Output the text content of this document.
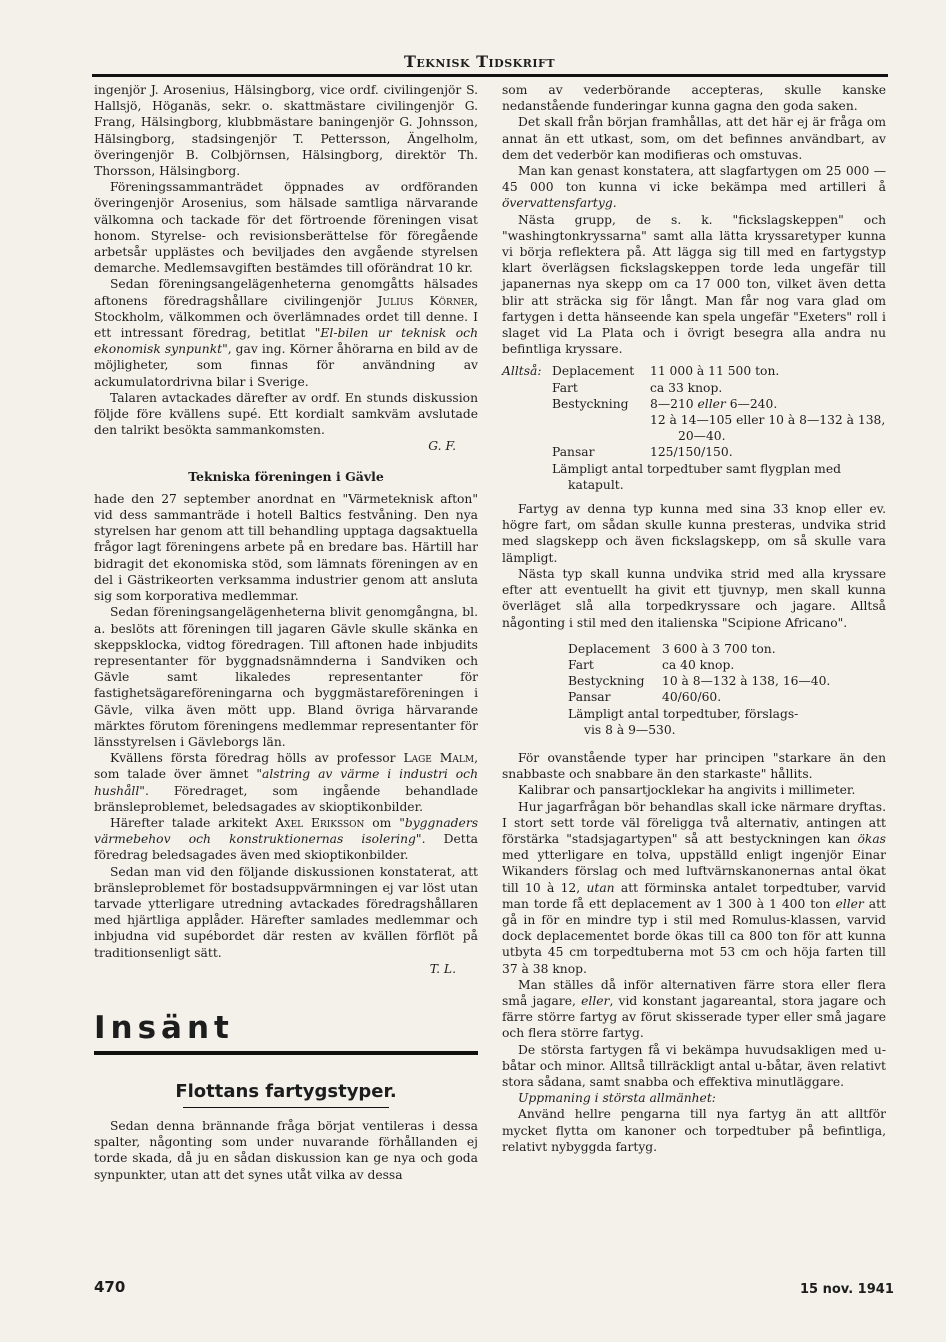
Teknisk Tidskrift

ingenjör J. Arosenius, Hälsingborg, vice ordf. civilingenjör S. Hallsjö, Höganäs, sekr. o. skattmästare civilingenjör G. Frang, Hälsingborg, klubbmästare baningenjör G. Johnsson, Hälsingborg, stadsingenjör T. Pettersson, Ängelholm, överingenjör B. Colbjörnsen, Hälsingborg, direktör Th. Thorsson, Hälsingborg.

Föreningssammanträdet öppnades av ordföranden överingenjör Arosenius, som hälsade samtliga närvarande välkomna och tackade för det förtroende föreningen visat honom. Styrelse- och revisionsberättelse för föregående arbetsår upplästes och beviljades den avgående styrelsen demarche. Medlemsavgiften bestämdes till oförändrat 10 kr.

Sedan föreningsangelägenheterna genomgåtts hälsades aftonens föredragshållare civilingenjör Julius Körner, Stockholm, välkommen och överlämnades ordet till denne. I ett intressant föredrag, betitlat "El-bilen ur teknisk och ekonomisk synpunkt", gav ing. Körner åhörarna en bild av de möjligheter, som finnas för användning av ackumulatordrivna bilar i Sverige.

Talaren avtackades därefter av ordf. En stunds diskussion följde före kvällens supé. Ett kordialt samkväm avslutade den talrikt besökta sammankomsten.

G. F.
Tekniska föreningen i Gävle

hade den 27 september anordnat en "Värmeteknisk afton" vid dess sammanträde i hotell Baltics festvåning. Den nya styrelsen har genom att till behandling upptaga dagsaktuella frågor lagt föreningens arbete på en bredare bas. Härtill har bidragit det ekonomiska stöd, som lämnats föreningen av en del i Gästrikeorten verksamma industrier genom att ansluta sig som korporativa medlemmar.

Sedan föreningsangelägenheterna blivit genomgångna, bl. a. beslöts att föreningen till jagaren Gävle skulle skänka en skeppsklocka, vidtog föredragen. Till aftonen hade inbjudits representanter för byggnadsnämnderna i Sandviken och Gävle samt likaledes representanter för fastighetsägareföreningarna och byggmästareföreningen i Gävle, vilka även mött upp. Bland övriga härvarande märktes förutom föreningens medlemmar representanter för länsstyrelsen i Gävleborgs län.

Kvällens första föredrag hölls av professor Lage Malm, som talade över ämnet "alstring av värme i industri och hushåll". Föredraget, som ingående behandlade bränsleproblemet, beledsagades av skioptikonbilder.

Härefter talade arkitekt Axel Eriksson om "byggnaders värmebehov och konstruktionernas isolering". Detta föredrag beledsagades även med skioptikonbilder.

Sedan man vid den följande diskussionen konstaterat, att bränsleproblemet för bostadsuppvärmningen ej var löst utan tarvade ytterligare utredning avtackades föredragshållaren med hjärtliga applåder. Härefter samlades medlemmar och inbjudna vid supébordet där resten av kvällen förflöt på traditionsenligt sätt.

T. L.
Insänt
Flottans fartygstyper.

Sedan denna brännande fråga börjat ventileras i dessa spalter, någonting som under nuvarande förhållanden ej torde skada, då ju en sådan diskussion kan ge nya och goda synpunkter, utan att det synes utåt vilka av dessa

som av vederbörande accepteras, skulle kanske nedanstående funderingar kunna gagna den goda saken.

Det skall från början framhållas, att det här ej är fråga om annat än ett utkast, som, om det befinnes användbart, av dem det vederbör kan modifieras och omstuvas.

Man kan genast konstatera, att slagfartygen om 25 000 —45 000 ton kunna vi icke bekämpa med artilleri å övervattensfartyg.

Nästa grupp, de s. k. "fickslagskeppen" och "washingtonkryssarna" samt alla lätta kryssaretyper kunna vi börja reflektera på. Att lägga sig till med en fartygstyp klart överlägsen fickslagskeppen torde leda ungefär till japanernas nya skepp om ca 17 000 ton, vilket även detta blir att sträcka sig för långt. Man får nog vara glad om fartygen i detta hänseende kan spela ungefär "Exeters" roll i slaget vid La Plata och i övrigt besegra alla andra nu befintliga kryssare.

Alltså: Deplacement	11 000 à 11 500 ton.
Fart	ca 33 knop.
Bestyckning	8—210 eller 6—240.
12 à 14—105 eller 10 à 8—132 à 138,
20—40.
Pansar	125/150/150.
Lämpligt antal torpedtuber samt flygplan med
katapult.

Fartyg av denna typ kunna med sina 33 knop eller ev. högre fart, om sådan skulle kunna presteras, undvika strid med slagskepp och även fickslagskepp, om så skulle vara lämpligt.

Nästa typ skall kunna undvika strid med alla kryssare efter att eventuellt ha givit ett tjuvnyp, men skall kunna överläget slå alla torpedkryssare och jagare. Alltså någonting i stil med den italienska "Scipione Africano".

Deplacement 3 600 à 3 700 ton.
Fart	ca 40 knop.
Bestyckning	10 à 8—132 à 138, 16—40.
Pansar	40/60/60.
Lämpligt antal torpedtuber, förslags-
vis 8 à 9—530.

För ovanstående typer har principen "starkare än den snabbaste och snabbare än den starkaste" hållits.

Kalibrar och pansartjocklekar ha angivits i millimeter.

Hur jagarfrågan bör behandlas skall icke närmare dryftas. I stort sett torde väl föreligga två alternativ, antingen att förstärka "stadsjagartypen" så att bestyckningen kan ökas med ytterligare en tolva, uppställd enligt ingenjör Einar Wikanders förslag och med luftvärnskanonernas antal ökat till 10 à 12, utan att förminska antalet torpedtuber, varvid man torde få ett deplacement av 1 300 à 1 400 ton eller att gå in för en mindre typ i stil med Romulus-klassen, varvid dock deplacementet borde ökas till ca 800 ton för att kunna utbyta 45 cm torpedtuberna mot 53 cm och höja farten till 37 à 38 knop.

Man ställes då inför alternativen färre stora eller flera små jagare, eller, vid konstant jagareantal, stora jagare och färre större fartyg av förut skisserade typer eller små jagare och flera större fartyg.

De största fartygen få vi bekämpa huvudsakligen med u-båtar och minor. Alltså tillräckligt antal u-båtar, även relativt stora sådana, samt snabba och effektiva minutläggare.

Uppmaning i största allmänhet:

Använd hellre pengarna till nya fartyg än att alltför mycket flytta om kanoner och torpedtuber på befintliga, relativt nybyggda fartyg.

470	15 nov. 1941
